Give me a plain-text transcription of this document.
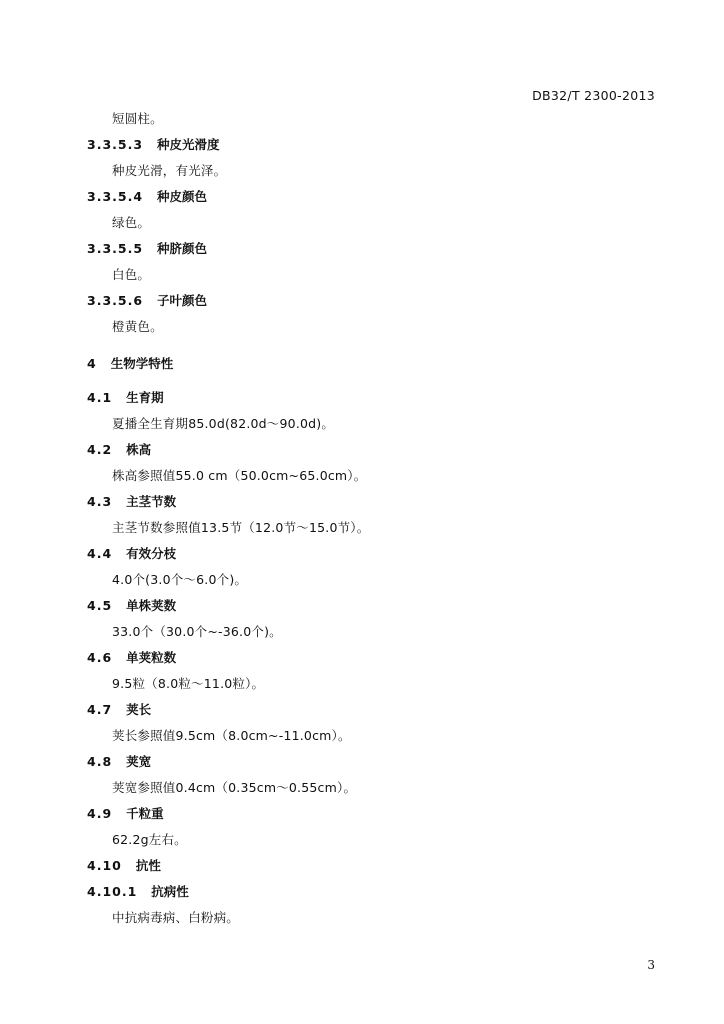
DB32/T 2300-2013
短圆柱。
3.3.5.3 种皮光滑度
种皮光滑，有光泽。
3.3.5.4 种皮颜色
绿色。
3.3.5.5 种脐颜色
白色。
3.3.5.6 子叶颜色
橙黄色。
4 生物学特性
4.1 生育期
夏播全生育期85.0d(82.0d～90.0d)。
4.2 株高
株高参照值55.0 cm（50.0cm~65.0cm）。
4.3 主茎节数
主茎节数参照值13.5节（12.0节～15.0节）。
4.4 有效分枝
4.0个(3.0个～6.0个)。
4.5 单株荚数
33.0个（30.0个~-36.0个)。
4.6 单荚粒数
9.5粒（8.0粒～11.0粒）。
4.7 荚长
荚长参照值9.5cm（8.0cm~-11.0cm）。
4.8 荚宽
荚宽参照值0.4cm（0.35cm～0.55cm）。
4.9 千粒重
62.2g左右。
4.10 抗性
4.10.1 抗病性
中抗病毒病、白粉病。
3
